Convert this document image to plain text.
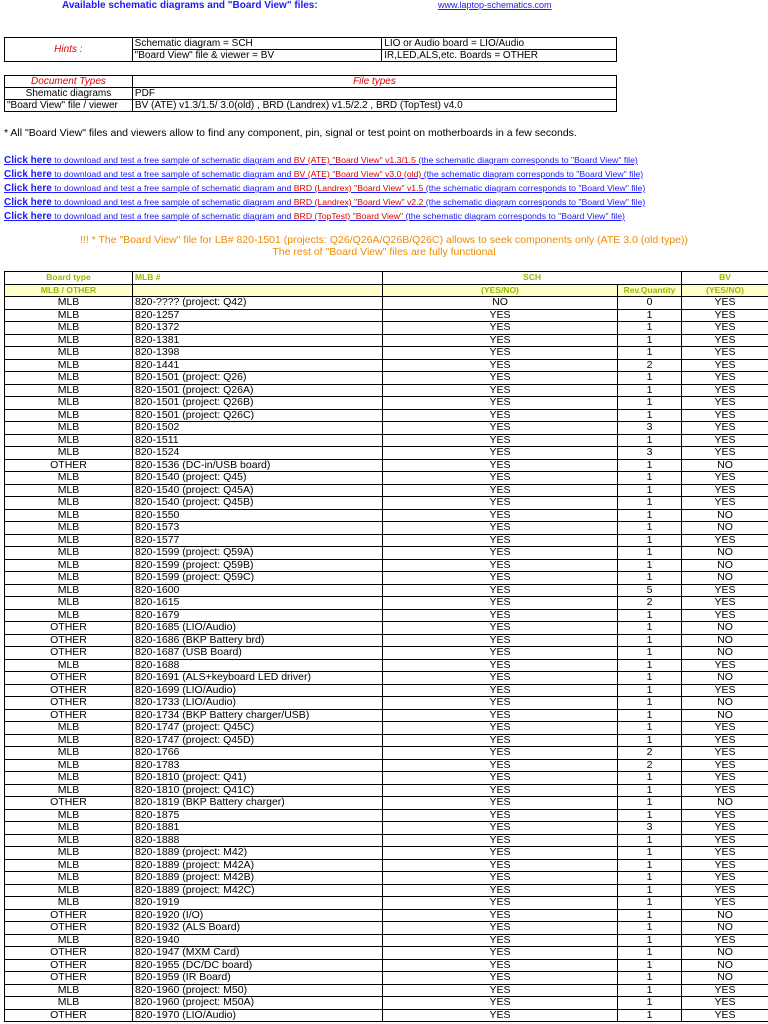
Available schematic diagrams and "Board View" files:	www.laptop-schematics.com
Hints :	Schematic diagram = SCH	LIO or Audio board = LIO/Audio
	"Board View" file & viewer = BV	IR,LED,ALS,etc. Boards = OTHER
Document Types	File types
Shematic diagrams	PDF
"Board View" file / viewer	BV (ATE) v1.3/1.5/ 3.0(old) , BRD (Landrex) v1.5/2.2 , BRD (TopTest) v4.0
* All "Board View" files and viewers allow to find any component, pin, signal or test point on motherboards in a few seconds.
Click here to download and test a free sample of schematic diagram and BV (ATE) "Board View" v1.3/1.5 (the schematic diagram corresponds to "Board View" file)
Click here to download and test a free sample of schematic diagram and BV (ATE) "Board View" v3.0 (old) (the schematic diagram corresponds to "Board View" file)
Click here to download and test a free sample of schematic diagram and BRD (Landrex) "Board View" v1.5 (the schematic diagram corresponds to "Board View" file)
Click here to download and test a free sample of schematic diagram and BRD (Landrex) "Board View" v2.2 (the schematic diagram corresponds to "Board View" file)
Click here to download and test a free sample of schematic diagram and BRD (TopTest) "Board View" (the schematic diagram corresponds to "Board View" file)
!!! * The "Board View" file for LB# 820-1501 (projects: Q26/Q26A/Q26B/Q26C) allows to seek components only (ATE 3.0 (old type))
The rest of "Board View" files are fully functional
Board type	MLB #	SCH		BV
MLB / OTHER		(YES/NO)	Rev.Quantity	(YES/NO)
MLB	820-???? (project: Q42)	NO	0	YES
MLB	820-1257	YES	1	YES
MLB	820-1372	YES	1	YES
MLB	820-1381	YES	1	YES
MLB	820-1398	YES	1	YES
MLB	820-1441	YES	2	YES
MLB	820-1501 (project: Q26)	YES	1	YES
MLB	820-1501 (project: Q26A)	YES	1	YES
MLB	820-1501 (project: Q26B)	YES	1	YES
MLB	820-1501 (project: Q26C)	YES	1	YES
MLB	820-1502	YES	3	YES
MLB	820-1511	YES	1	YES
MLB	820-1524	YES	3	YES
OTHER	820-1536 (DC-in/USB board)	YES	1	NO
MLB	820-1540 (project: Q45)	YES	1	YES
MLB	820-1540 (project: Q45A)	YES	1	YES
MLB	820-1540 (project: Q45B)	YES	1	YES
MLB	820-1550	YES	1	NO
MLB	820-1573	YES	1	NO
MLB	820-1577	YES	1	YES
MLB	820-1599 (project: Q59A)	YES	1	NO
MLB	820-1599 (project: Q59B)	YES	1	NO
MLB	820-1599 (project: Q59C)	YES	1	NO
MLB	820-1600	YES	5	YES
MLB	820-1615	YES	2	YES
MLB	820-1679	YES	1	YES
OTHER	820-1685 (LIO/Audio)	YES	1	NO
OTHER	820-1686 (BKP Battery brd)	YES	1	NO
OTHER	820-1687 (USB Board)	YES	1	NO
MLB	820-1688	YES	1	YES
OTHER	820-1691 (ALS+keyboard LED driver)	YES	1	NO
OTHER	820-1699 (LIO/Audio)	YES	1	YES
OTHER	820-1733 (LIO/Audio)	YES	1	NO
OTHER	820-1734 (BKP Battery charger/USB)	YES	1	NO
MLB	820-1747 (project: Q45C)	YES	1	YES
MLB	820-1747 (project: Q45D)	YES	1	YES
MLB	820-1766	YES	2	YES
MLB	820-1783	YES	2	YES
MLB	820-1810 (project: Q41)	YES	1	YES
MLB	820-1810 (project: Q41C)	YES	1	YES
OTHER	820-1819 (BKP Battery charger)	YES	1	NO
MLB	820-1875	YES	1	YES
MLB	820-1881	YES	3	YES
MLB	820-1888	YES	1	YES
MLB	820-1889 (project: M42)	YES	1	YES
MLB	820-1889 (project: M42A)	YES	1	YES
MLB	820-1889 (project: M42B)	YES	1	YES
MLB	820-1889 (project: M42C)	YES	1	YES
MLB	820-1919	YES	1	YES
OTHER	820-1920 (I/O)	YES	1	NO
OTHER	820-1932 (ALS Board)	YES	1	NO
MLB	820-1940	YES	1	YES
OTHER	820-1947 (MXM Card)	YES	1	NO
OTHER	820-1955 (DC/DC board)	YES	1	NO
OTHER	820-1959 (IR Board)	YES	1	NO
MLB	820-1960 (project: M50)	YES	1	YES
MLB	820-1960 (project: M50A)	YES	1	YES
OTHER	820-1970 (LIO/Audio)	YES	1	YES
